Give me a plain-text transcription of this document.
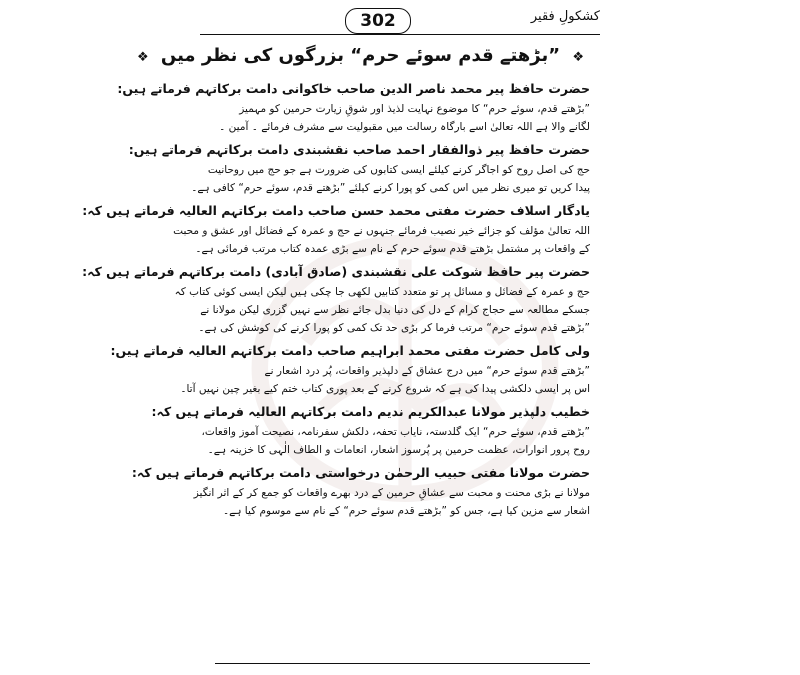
302	کشکولِ فقیر
❖ ”بڑھتے قدم سوئے حرم“ بزرگوں کی نظر میں ❖

حضرت حافظ پیر محمد ناصر الدین صاحب خاکوانی دامت برکاتہم فرماتے ہیں:

”بڑھتے قدم، سوئے حرم“ کا موضوع نہایت لذیذ اور شوقِ زیارت حرمین کو مہمیز

لگانے والا ہے اللہ تعالیٰ اسے بارگاہ رسالت میں مقبولیت سے مشرف فرمائے ۔ آمین ۔

حضرت حافظ پیر ذوالفقار احمد صاحب نقشبندی دامت برکاتہم فرماتے ہیں:

حج کی اصل روح کو اجاگر کرنے کیلئے ایسی کتابوں کی ضرورت ہے جو حج میں روحانیت

پیدا کریں تو میری نظر میں اس کمی کو پورا کرنے کیلئے ”بڑھتے قدم، سوئے حرم“ کافی ہے۔

یادگار اسلاف حضرت مفتی محمد حسن صاحب دامت برکاتہم العالیہ فرماتے ہیں کہ:

اللہ تعالیٰ مؤلف کو جزائے خیر نصیب فرمائے جنہوں نے حج و عمرہ کے فضائل اور عشق و محبت

کے واقعات پر مشتمل بڑھتے قدم سوئے حرم کے نام سے بڑی عمدہ کتاب مرتب فرمائی ہے۔

حضرت پیر حافظ شوکت علی نقشبندی (صادق آبادی) دامت برکاتہم فرماتے ہیں کہ:

حج و عمرہ کے فضائل و مسائل پر تو متعدد کتابیں لکھی جا چکی ہیں لیکن ایسی کوئی کتاب کہ

جسکے مطالعہ سے حجاج کرام کے دل کی دنیا بدل جائے نظر سے نہیں گزری لیکن مولانا نے

”بڑھتے قدم سوئے حرم“ مرتب فرما کر بڑی حد تک کمی کو پورا کرنے کی کوشش کی ہے۔

ولی کامل حضرت مفتی محمد ابراہیم صاحب دامت برکاتہم العالیہ فرماتے ہیں:

”بڑھتے قدم سوئے حرم“ میں درج عشاق کے دلپذیر واقعات، پُر درد اشعار نے

اس پر ایسی دلکشی پیدا کی ہے کہ شروع کرنے کے بعد پوری کتاب ختم کیے بغیر چین نہیں آتا۔

خطیب دلپذیر مولانا عبدالکریم ندیم دامت برکاتہم العالیہ فرماتے ہیں کہ:

”بڑھتے قدم، سوئے حرم“ ایک گلدستہ، نایاب تحفہ، دلکش سفرنامہ، نصیحت آموز واقعات،

روح پرور انوارات، عظمت حرمین پر پُرسوز اشعار، انعامات و الطاف الٰہی کا خزینہ ہے۔

حضرت مولانا مفتی حبیب الرحمٰن درخواستی دامت برکاتہم فرماتے ہیں کہ:

مولانا نے بڑی محنت و محبت سے عشاقِ حرمین کے درد بھرے واقعات کو جمع کر کے اثر انگیز

اشعار سے مزین کیا ہے، جس کو ”بڑھتے قدم سوئے حرم“ کے نام سے موسوم کیا ہے۔
